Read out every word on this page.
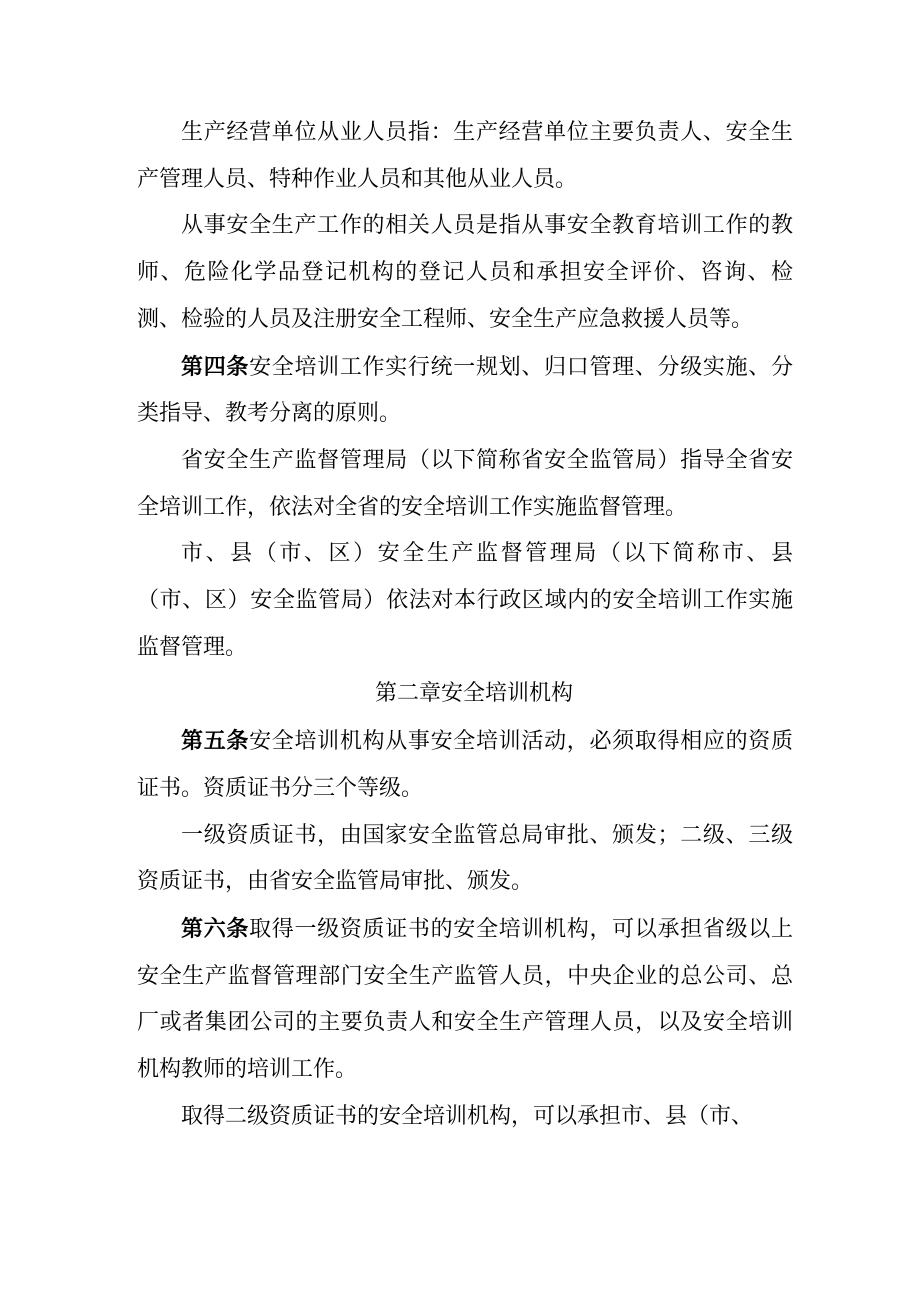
生产经营单位从业人员指：生产经营单位主要负责人、安全生产管理人员、特种作业人员和其他从业人员。

从事安全生产工作的相关人员是指从事安全教育培训工作的教师、危险化学品登记机构的登记人员和承担安全评价、咨询、检测、检验的人员及注册安全工程师、安全生产应急救援人员等。

第四条安全培训工作实行统一规划、归口管理、分级实施、分类指导、教考分离的原则。

省安全生产监督管理局（以下简称省安全监管局）指导全省安全培训工作，依法对全省的安全培训工作实施监督管理。

市、县（市、区）安全生产监督管理局（以下简称市、县（市、区）安全监管局）依法对本行政区域内的安全培训工作实施监督管理。

第二章安全培训机构

第五条安全培训机构从事安全培训活动，必须取得相应的资质证书。资质证书分三个等级。

一级资质证书，由国家安全监管总局审批、颁发；二级、三级资质证书，由省安全监管局审批、颁发。

第六条取得一级资质证书的安全培训机构，可以承担省级以上安全生产监督管理部门安全生产监管人员，中央企业的总公司、总厂或者集团公司的主要负责人和安全生产管理人员，以及安全培训机构教师的培训工作。

取得二级资质证书的安全培训机构，可以承担市、县（市、
